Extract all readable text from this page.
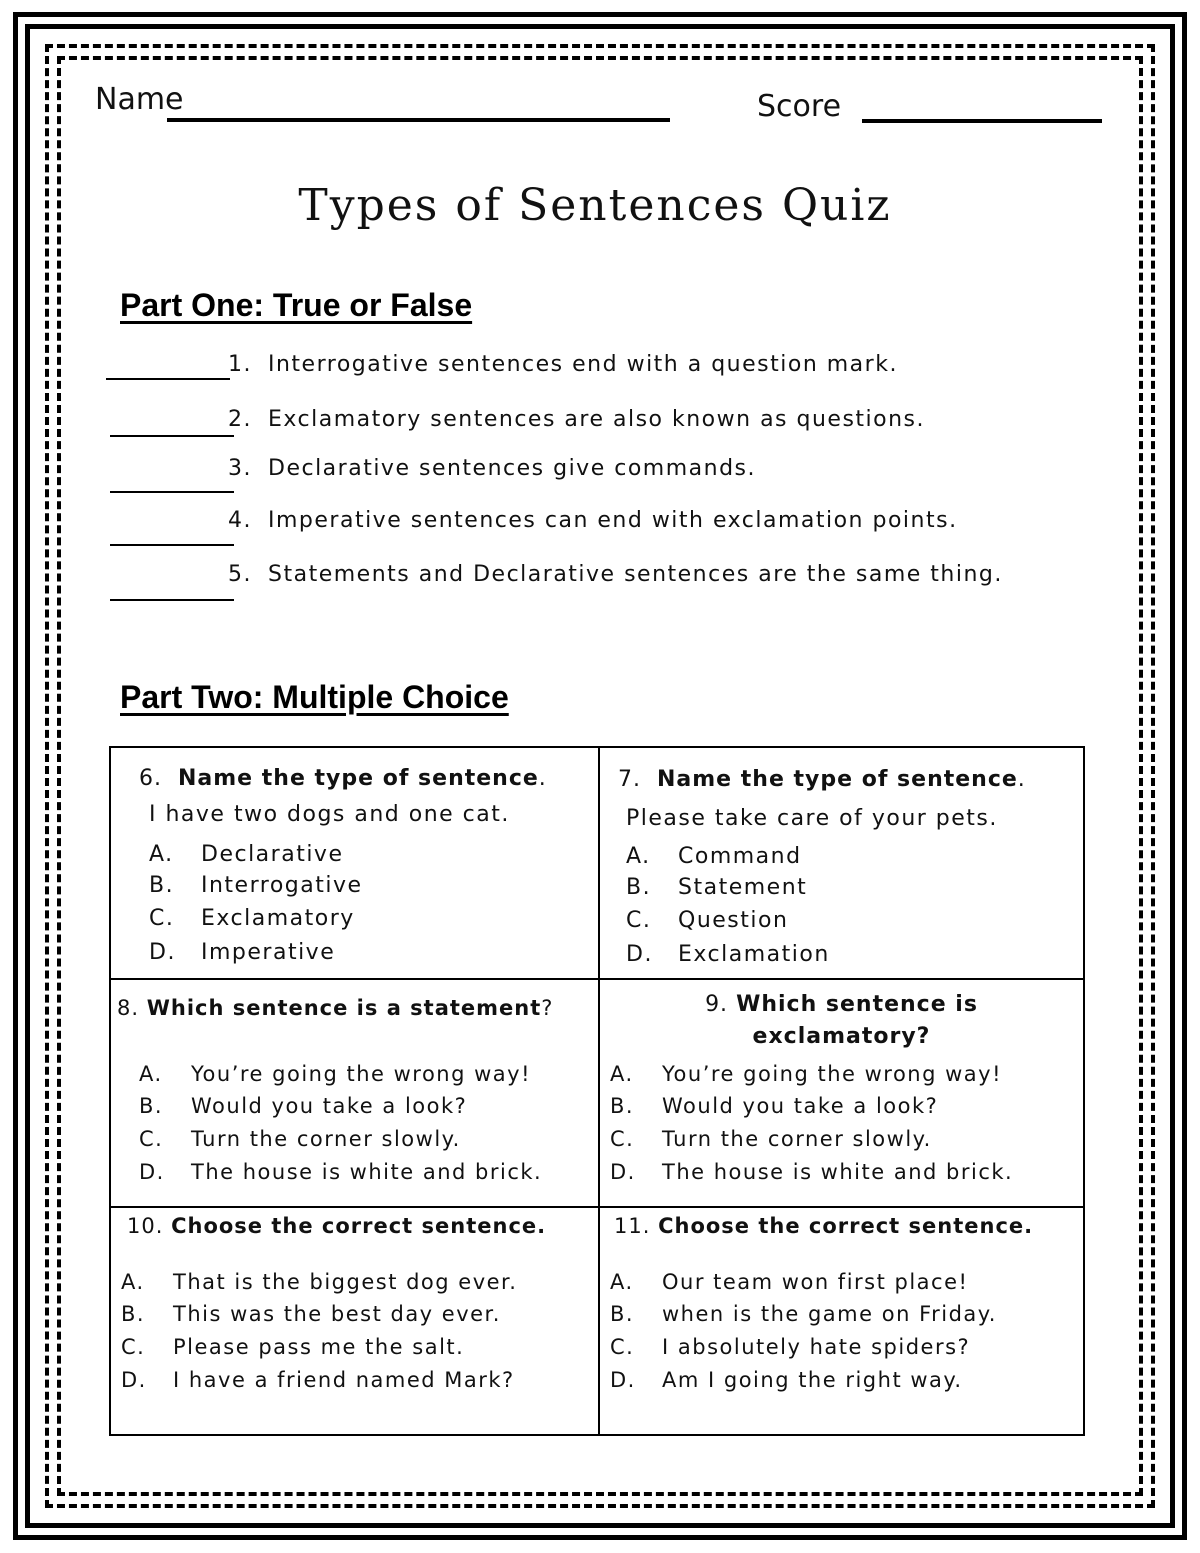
Name	Score
Types of Sentences Quiz
Part One: True or False
1. Interrogative sentences end with a question mark.
2. Exclamatory sentences are also known as questions.
3. Declarative sentences give commands.
4. Imperative sentences can end with exclamation points.
5. Statements and Declarative sentences are the same thing.
Part Two: Multiple Choice
6. Name the type of sentence.
I have two dogs and one cat.
A. Declarative
B. Interrogative
C. Exclamatory
D. Imperative
7. Name the type of sentence.
Please take care of your pets.
A. Command
B. Statement
C. Question
D. Exclamation
8. Which sentence is a statement?
A. You’re going the wrong way!
B. Would you take a look?
C. Turn the corner slowly.
D. The house is white and brick.
9. Which sentence is
exclamatory?
A. You’re going the wrong way!
B. Would you take a look?
C. Turn the corner slowly.
D. The house is white and brick.
10. Choose the correct sentence.
A. That is the biggest dog ever.
B. This was the best day ever.
C. Please pass me the salt.
D. I have a friend named Mark?
11. Choose the correct sentence.
A. Our team won first place!
B. when is the game on Friday.
C. I absolutely hate spiders?
D. Am I going the right way.
